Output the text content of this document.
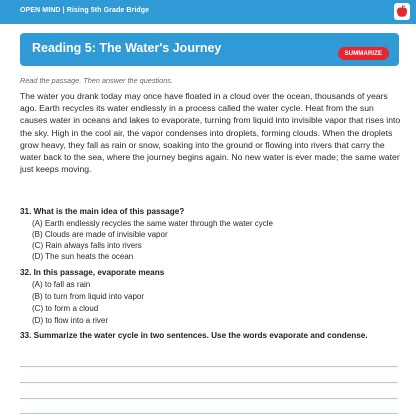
OPEN MIND | Rising 5th Grade Bridge
Reading 5: The Water's Journey	SUMMARIZE
Read the passage. Then answer the questions.
The water you drank today may once have floated in a cloud over the ocean, thousands of years ago. Earth recycles its water endlessly in a process called the water cycle. Heat from the sun causes water in oceans and lakes to evaporate, turning from liquid into invisible vapor that rises into the sky. High in the cool air, the vapor condenses into droplets, forming clouds. When the droplets grow heavy, they fall as rain or snow, soaking into the ground or flowing into rivers that carry the water back to the sea, where the journey begins again. No new water is ever made; the same water just keeps moving.
31. What is the main idea of this passage?
(A) Earth endlessly recycles the same water through the water cycle
(B) Clouds are made of invisible vapor
(C) Rain always falls into rivers
(D) The sun heats the ocean
32. In this passage, evaporate means
(A) to fall as rain
(B) to turn from liquid into vapor
(C) to form a cloud
(D) to flow into a river
33. Summarize the water cycle in two sentences. Use the words evaporate and condense.
